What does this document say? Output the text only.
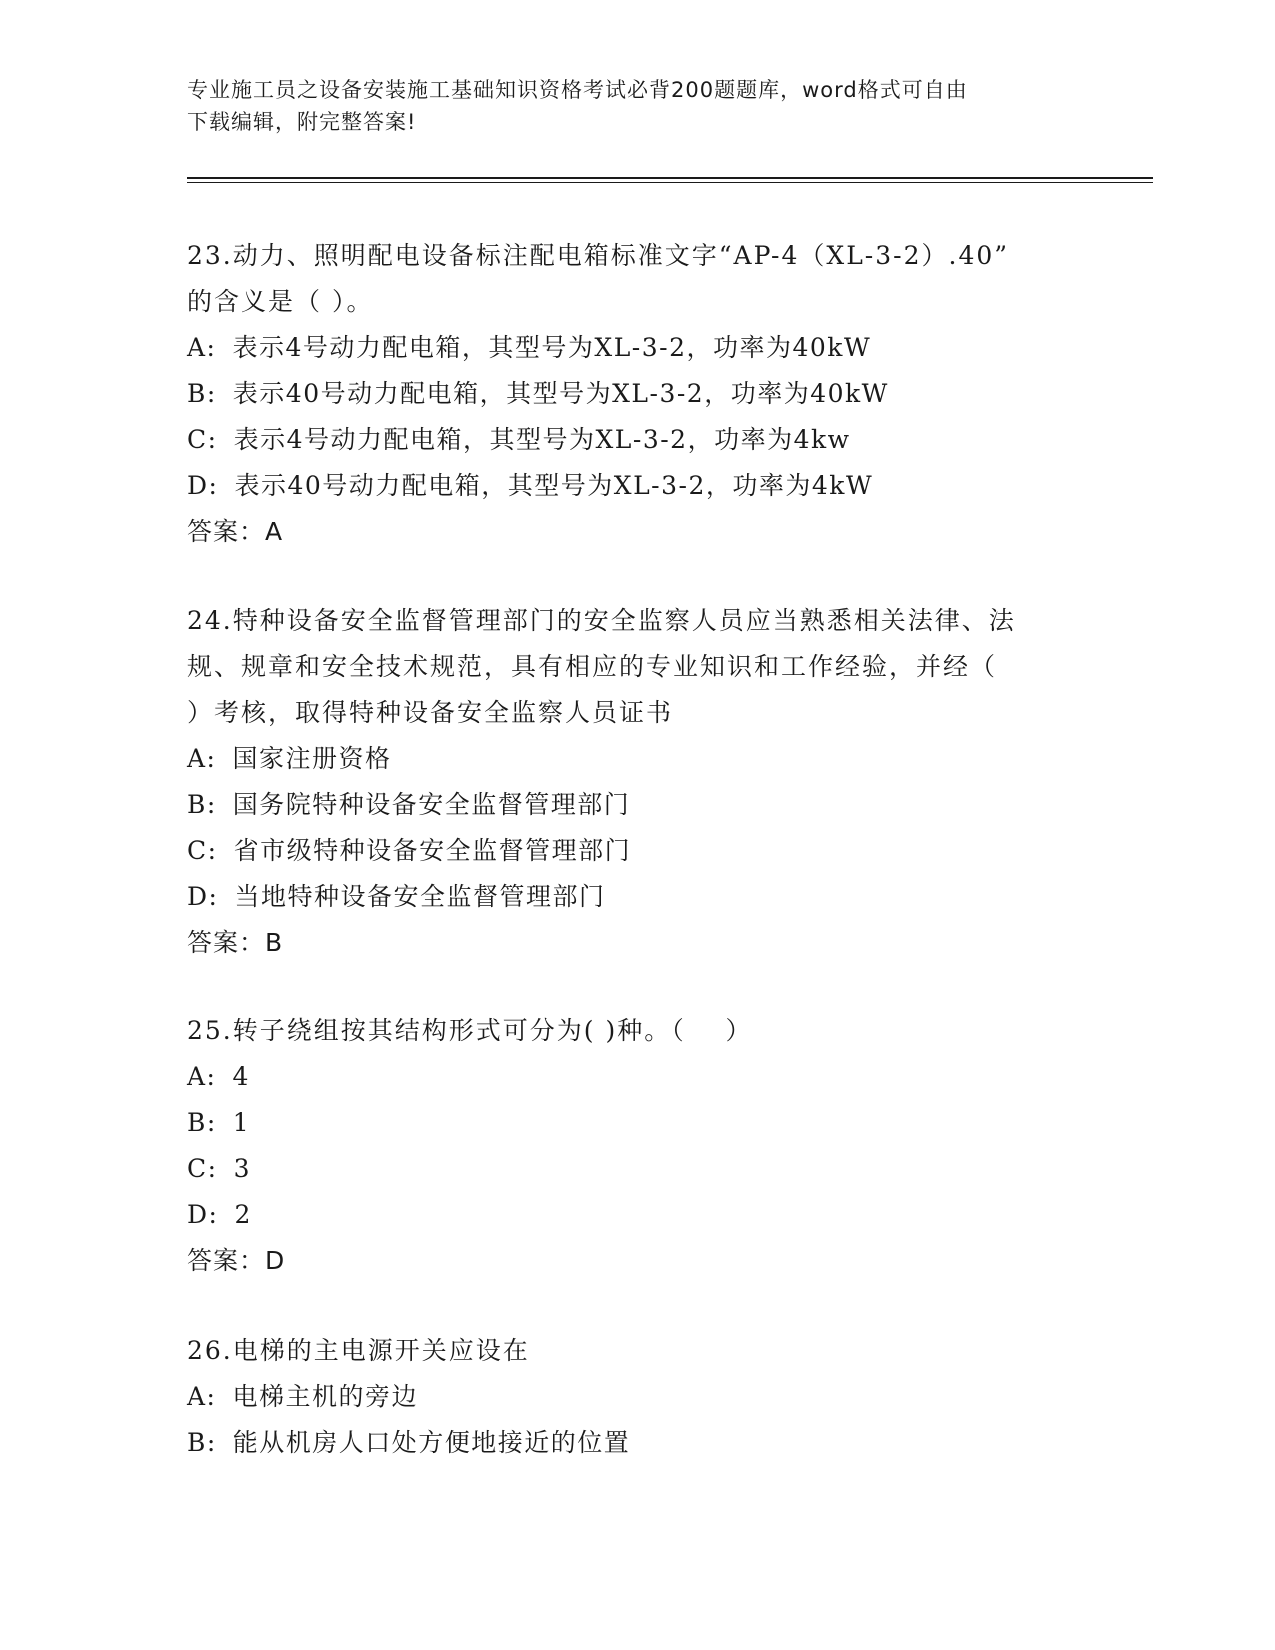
专业施工员之设备安装施工基础知识资格考试必背200题题库，word格式可自由
下载编辑，附完整答案!
23.动力、照明配电设备标注配电箱标准文字“AP-4（XL-3-2）.40”
的含义是（ ）。
A: 表示4号动力配电箱，其型号为XL-3-2，功率为40kW
B: 表示40号动力配电箱，其型号为XL-3-2，功率为40kW
C: 表示4号动力配电箱，其型号为XL-3-2，功率为4kw
D: 表示40号动力配电箱，其型号为XL-3-2，功率为4kW
答案：A
24.特种设备安全监督管理部门的安全监察人员应当熟悉相关法律、法
规、规章和安全技术规范，具有相应的专业知识和工作经验，并经（
）考核，取得特种设备安全监察人员证书
A: 国家注册资格
B: 国务院特种设备安全监督管理部门
C: 省市级特种设备安全监督管理部门
D: 当地特种设备安全监督管理部门
答案：B
25.转子绕组按其结构形式可分为( )种。（    ）
A: 4
B: 1
C: 3
D: 2
答案：D
26.电梯的主电源开关应设在
A: 电梯主机的旁边
B: 能从机房人口处方便地接近的位置
